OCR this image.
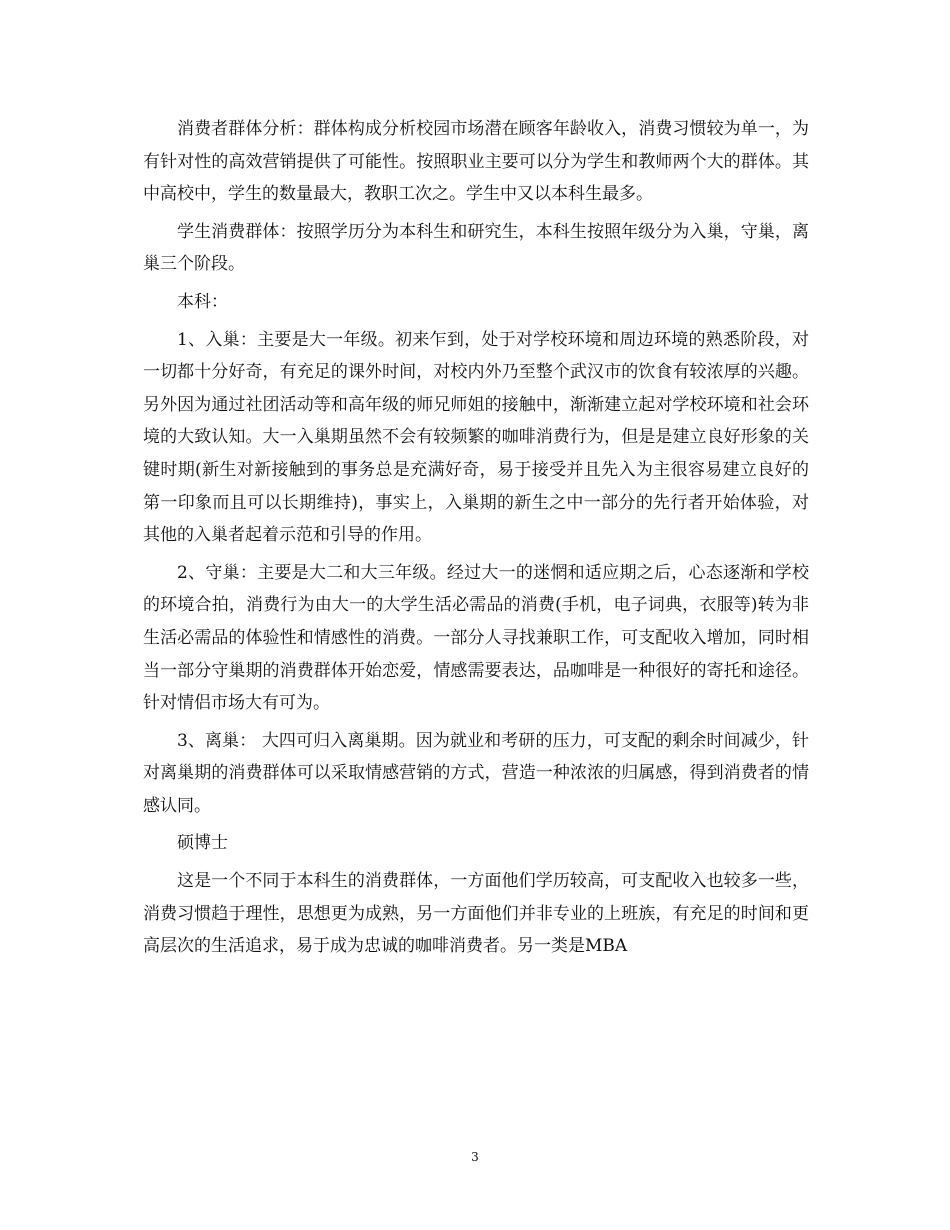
消费者群体分析：群体构成分析校园市场潜在顾客年龄收入，消费习惯较为单一，为有针对性的高效营销提供了可能性。按照职业主要可以分为学生和教师两个大的群体。其中高校中，学生的数量最大，教职工次之。学生中又以本科生最多。

学生消费群体：按照学历分为本科生和研究生，本科生按照年级分为入巢，守巢，离巢三个阶段。

本科：

1、入巢：主要是大一年级。初来乍到，处于对学校环境和周边环境的熟悉阶段，对一切都十分好奇，有充足的课外时间，对校内外乃至整个武汉市的饮食有较浓厚的兴趣。另外因为通过社团活动等和高年级的师兄师姐的接触中，渐渐建立起对学校环境和社会环境的大致认知。大一入巢期虽然不会有较频繁的咖啡消费行为，但是是建立良好形象的关键时期(新生对新接触到的事务总是充满好奇，易于接受并且先入为主很容易建立良好的第一印象而且可以长期维持)，事实上，入巢期的新生之中一部分的先行者开始体验，对其他的入巢者起着示范和引导的作用。

2、守巢：主要是大二和大三年级。经过大一的迷惘和适应期之后，心态逐渐和学校的环境合拍，消费行为由大一的大学生活必需品的消费(手机，电子词典，衣服等)转为非生活必需品的体验性和情感性的消费。一部分人寻找兼职工作，可支配收入增加，同时相当一部分守巢期的消费群体开始恋爱，情感需要表达，品咖啡是一种很好的寄托和途径。针对情侣市场大有可为。

3、离巢： 大四可归入离巢期。因为就业和考研的压力，可支配的剩余时间减少，针对离巢期的消费群体可以采取情感营销的方式，营造一种浓浓的归属感，得到消费者的情感认同。

硕博士

这是一个不同于本科生的消费群体，一方面他们学历较高，可支配收入也较多一些，消费习惯趋于理性，思想更为成熟，另一方面他们并非专业的上班族，有充足的时间和更高层次的生活追求，易于成为忠诚的咖啡消费者。另一类是MBA

3
